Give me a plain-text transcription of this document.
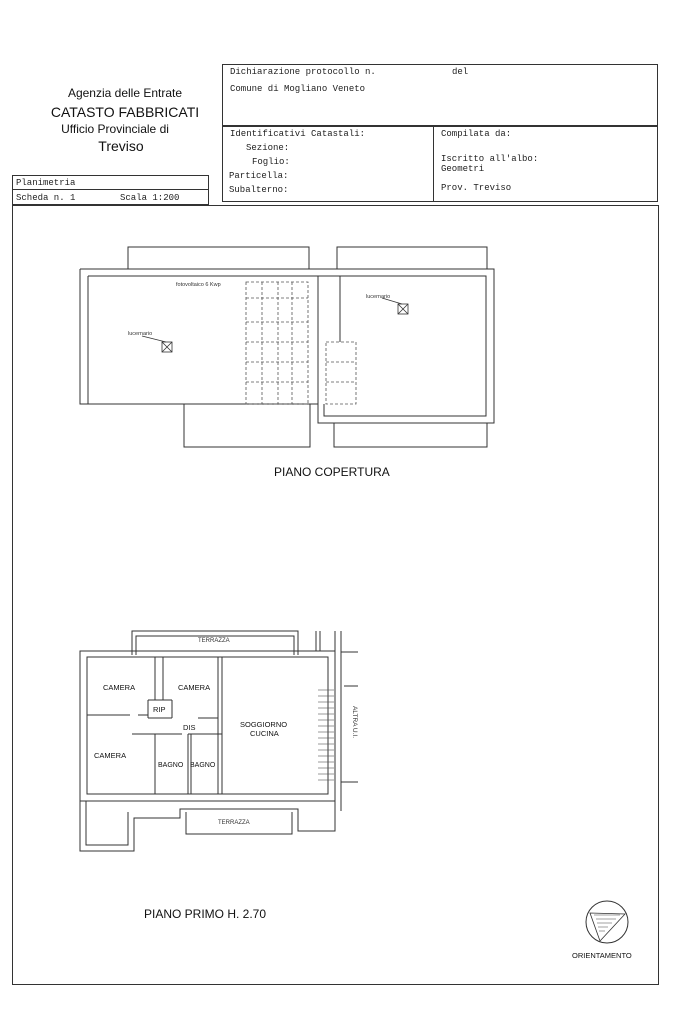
Agenzia delle Entrate
CATASTO FABBRICATI
Ufficio Provinciale di
Treviso
Planimetria
Scheda n. 1	Scala 1:200
Dichiarazione protocollo n.	del
Comune di Mogliano Veneto
Identificativi Catastali:
Sezione:
Foglio:
Particella:
Subalterno:
Compilata da:
Iscritto all'albo:
Geometri
Prov. Treviso
fotovoltaico 6 Kwp
lucernario
lucernario
PIANO COPERTURA
TERRAZZA
CAMERA	CAMERA
RIP
DIS	SOGGIORNO
CUCINA
CAMERA
BAGNO BAGNO
TERRAZZA
ALTRA U.I.
PIANO PRIMO H. 2.70
ORIENTAMENTO
